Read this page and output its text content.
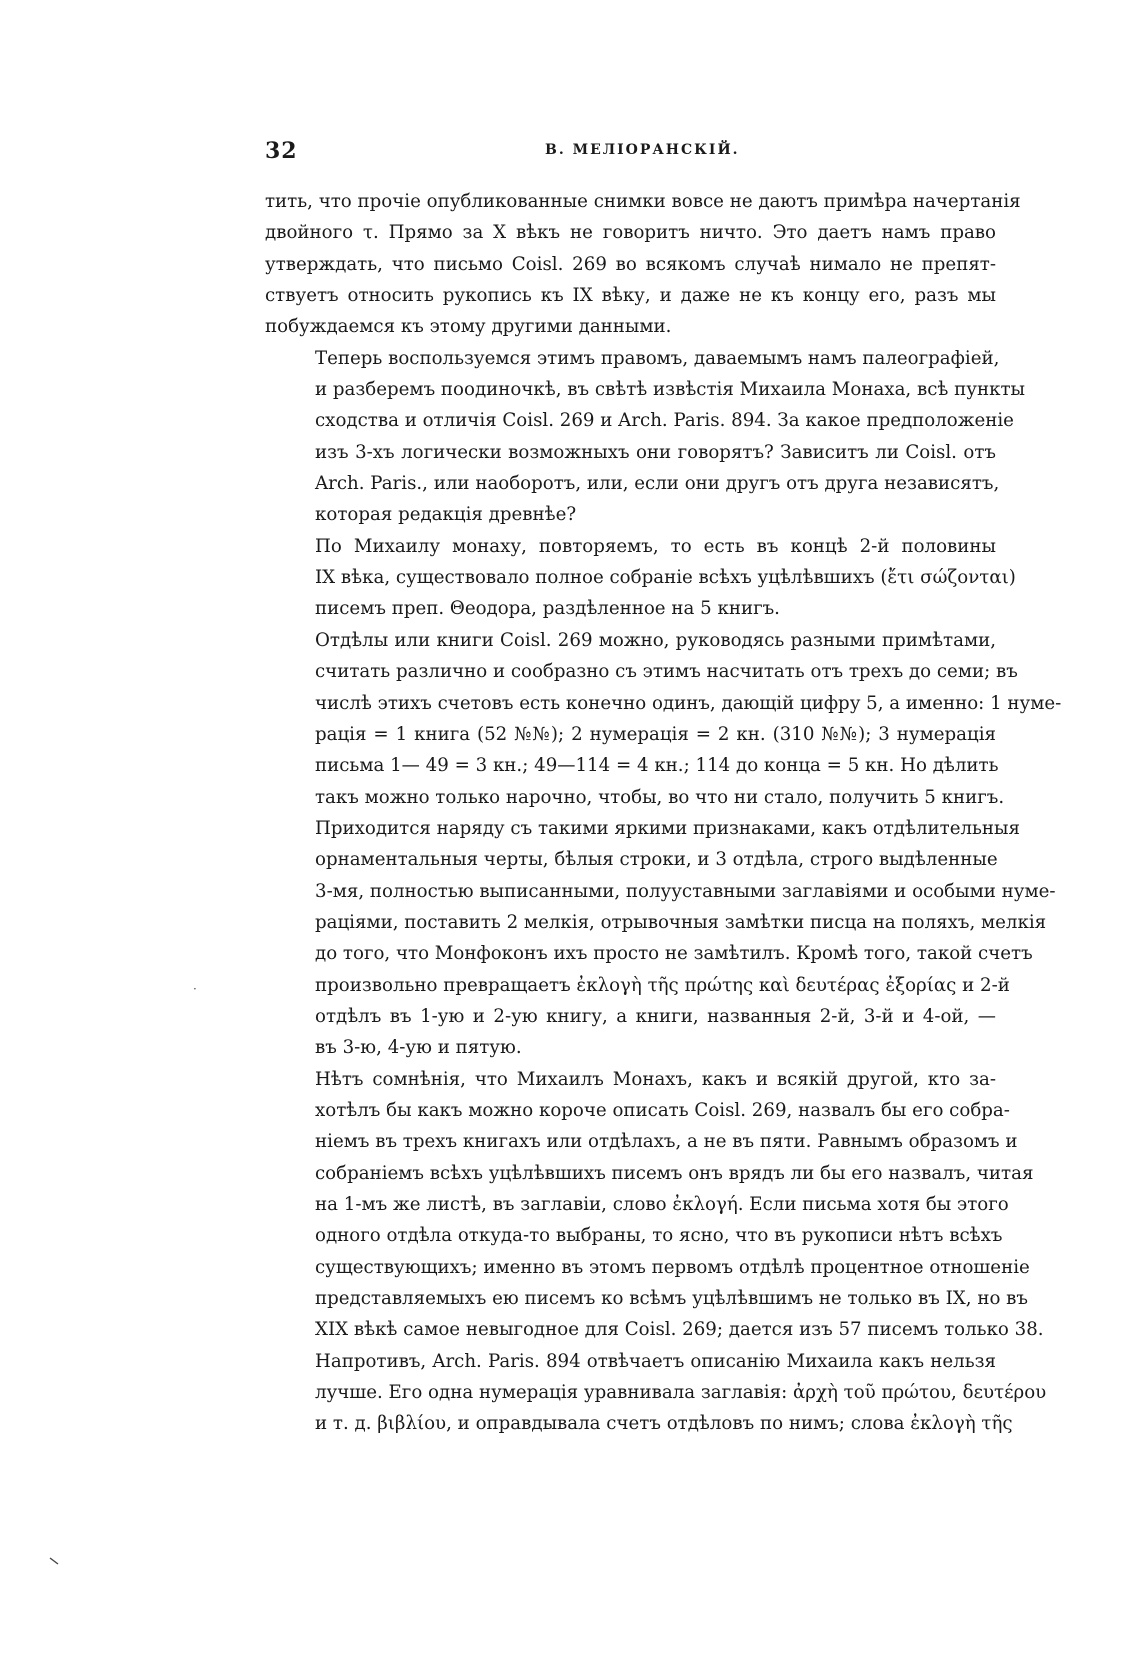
32	В. МЕЛІОРАНСКІЙ.

тить, что прочіе опубликованные снимки вовсе не даютъ примѣра начертанія
двойного τ. Прямо за X вѣкъ не говоритъ ничто. Это даетъ намъ право
утверждать, что письмо Coisl. 269 во всякомъ случаѣ нимало не препят-
ствуетъ относить рукопись къ IX вѣку, и даже не къ концу его, разъ мы
побуждаемся къ этому другими данными.

Теперь воспользуемся этимъ правомъ, даваемымъ намъ палеографіей,
и разберемъ поодиночкѣ, въ свѣтѣ извѣстія Михаила Монаха, всѣ пункты
сходства и отличія Coisl. 269 и Arch. Paris. 894. За какое предположеніе
изъ 3-хъ логически возможныхъ они говорятъ? Зависитъ ли Coisl. отъ
Arch. Paris., или наоборотъ, или, если они другъ отъ друга независятъ,
которая редакція древнѣе?

По Михаилу монаху, повторяемъ, то есть въ концѣ 2-й половины
IX вѣка, существовало полное собраніе всѣхъ уцѣлѣвшихъ (ἔτι σώζονται)
писемъ преп. Θеодора, раздѣленное на 5 книгъ.

Отдѣлы или книги Coisl. 269 можно, руководясь разными примѣтами,
считать различно и сообразно съ этимъ насчитать отъ трехъ до семи; въ
числѣ этихъ счетовъ есть конечно одинъ, дающій цифру 5, а именно: 1 нуме-
рація = 1 книга (52 №№); 2 нумерація = 2 кн. (310 №№); 3 нумерація
письма 1— 49 = 3 кн.; 49—114 = 4 кн.; 114 до конца = 5 кн. Но дѣлить
такъ можно только нарочно, чтобы, во что ни стало, получить 5 книгъ.
Приходится наряду съ такими яркими признаками, какъ отдѣлительныя
орнаментальныя черты, бѣлыя строки, и 3 отдѣла, строго выдѣленные
3-мя, полностью выписанными, полууставными заглавіями и особыми нуме-
раціями, поставить 2 мелкія, отрывочныя замѣтки писца на поляхъ, мелкія
до того, что Монфоконъ ихъ просто не замѣтилъ. Кромѣ того, такой счетъ
произвольно превращаетъ ἐκλογὴ τῆς πρώτης καὶ δευτέρας ἐξορίας и 2-й
отдѣлъ въ 1-ую и 2-ую книгу, а книги, названныя 2-й, 3-й и 4-ой, —
въ 3-ю, 4-ую и пятую.

Нѣтъ сомнѣнія, что Михаилъ Монахъ, какъ и всякій другой, кто за-
хотѣлъ бы какъ можно короче описать Coisl. 269, назвалъ бы его собра-
ніемъ въ трехъ книгахъ или отдѣлахъ, а не въ пяти. Равнымъ образомъ и
собраніемъ всѣхъ уцѣлѣвшихъ писемъ онъ врядъ ли бы его назвалъ, читая
на 1-мъ же листѣ, въ заглавіи, слово ἐκλογή. Если письма хотя бы этого
одного отдѣла откуда-то выбраны, то ясно, что въ рукописи нѣтъ всѣхъ
существующихъ; именно въ этомъ первомъ отдѣлѣ процентное отношеніе
представляемыхъ ею писемъ ко всѣмъ уцѣлѣвшимъ не только въ IX, но въ
XIX вѣкѣ самое невыгодное для Coisl. 269; дается изъ 57 писемъ только 38.

Напротивъ, Arch. Paris. 894 отвѣчаетъ описанію Михаила какъ нельзя
лучше. Его одна нумерація уравнивала заглавія: ἀρχὴ τοῦ πρώτου, δευτέρου
и т. д. βιβλίου, и оправдывала счетъ отдѣловъ по нимъ; слова ἐκλογὴ τῆς

·
